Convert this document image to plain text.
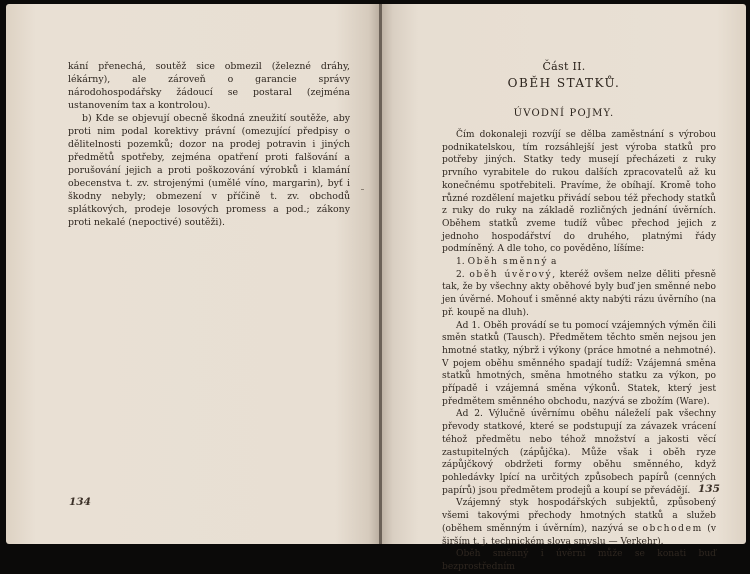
kání přenechá, soutěž sice obmezil (železné dráhy, lékárny), ale zároveň o garancie správy národohospodářsky žádoucí se postaral (zejména ustanovením tax a kontrolou).

b) Kde se objevují obecně škodná zneužití soutěže, aby proti nim podal korektivy právní (omezující předpisy o dělitelnosti pozemků; dozor na prodej potravin i jiných předmětů spotřeby, zejména opatření proti falšování a porušování jejich a proti poškozování výrobků i klamání obecenstva t. zv. strojenými (umělé víno, margarin), byť i škodny nebyly; obmezení v příčině t. zv. obchodů splátkových, prodeje losových promess a pod.; zákony proti nekalé (nepoctivé) soutěži).

134
Část II.
OBĚH STATKŮ.
ÚVODNÍ POJMY.

Čím dokonaleji rozvíjí se dělba zaměstnání s výrobou podnikatelskou, tím rozsáhlejší jest výroba statků pro potřeby jiných. Statky tedy musejí přecházeti z ruky prvního vyrabitele do rukou dalších zpracovatelů až ku konečnému spotřebiteli. Pravíme, že obíhají. Kromě toho různé rozdělení majetku přivádí sebou též přechody statků z ruky do ruky na základě rozličných jednání úvěrních. Oběhem statků zveme tudíž vůbec přechod jejich z jednoho hospodářství do druhého, platnými řády podmíněný. A dle toho, co pověděno, líšíme:

1. Oběh směnný a

2. oběh úvěrový, kteréž ovšem nelze děliti přesně tak, že by všechny akty oběhové byly buď jen směnné nebo jen úvěrné. Mohouť i směnné akty nabýti rázu úvěrního (na př. koupě na dluh).

Ad 1. Oběh provádí se tu pomocí vzájemných výměn čili směn statků (Tausch). Předmětem těchto směn nejsou jen hmotné statky, nýbrž i výkony (práce hmotné a nehmotné). V pojem oběhu směnného spadají tudíž: Vzájemná směna statků hmotných, směna hmotného statku za výkon, po případě i vzájemná směna výkonů. Statek, který jest předmětem směnného obchodu, nazývá se zbožím (Ware).

Ad 2. Výlučně úvěrnímu oběhu náleželí pak všechny převody statkové, které se podstupují za závazek vrácení téhož předmětu nebo téhož množství a jakosti věcí zastupitelných (zápůjčka). Může však i oběh ryze zápůjčkový obdržeti formy oběhu směnného, když pohledávky lpící na určitých způsobech papírů (cenných papírů) jsou předmětem prodejů a koupí se převádějí.

Vzájemný styk hospodářských subjektů, způsobený všemi takovými přechody hmotných statků a služeb (oběhem směnným i úvěrním), nazývá se obchodem (v širším t. j. technickém slova smyslu — Verkehr).

Oběh směnný i úvěrní může se konati buď bezprostředním

135
